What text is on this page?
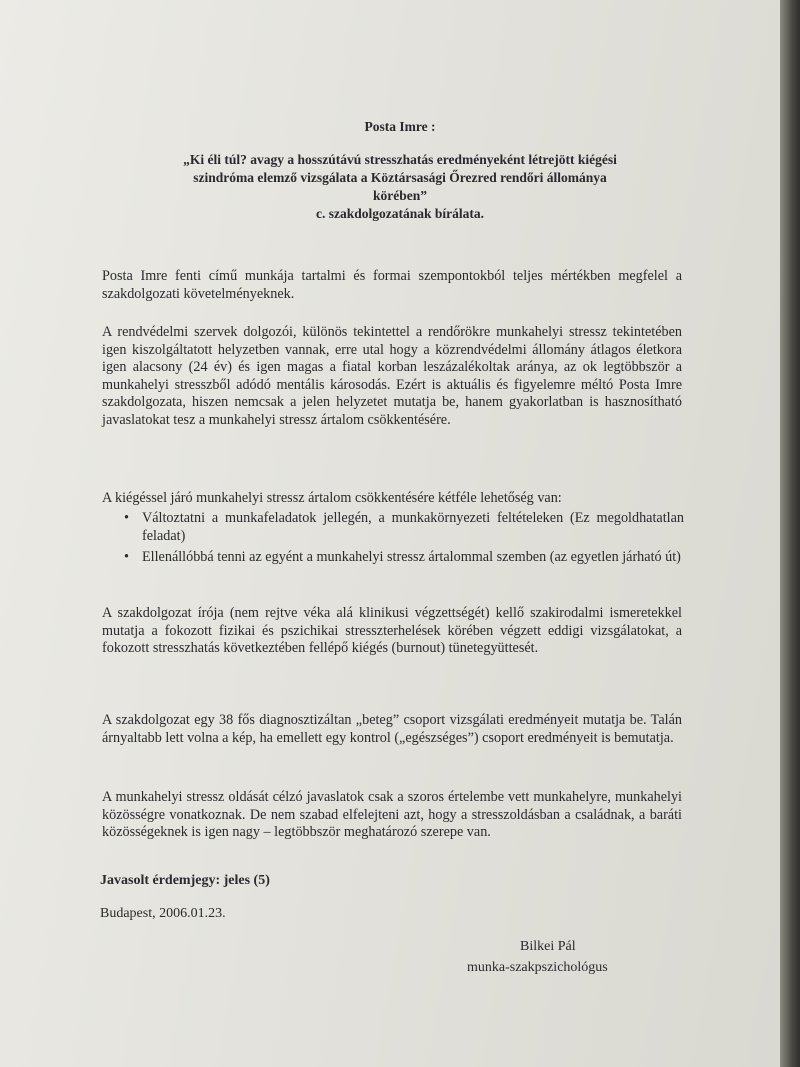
Posta Imre :
„Ki éli túl? avagy a hosszútávú stresszhatás eredményeként létrejött kiégési
szindróma elemző vizsgálata a Köztársasági Őrezred rendőri állománya
körében”
c. szakdolgozatának bírálata.

Posta Imre fenti című munkája tartalmi és formai szempontokból teljes mértékben megfelel a szakdolgozati követelményeknek.

A rendvédelmi szervek dolgozói, különös tekintettel a rendőrökre munkahelyi stressz tekintetében igen kiszolgáltatott helyzetben vannak, erre utal hogy a közrendvédelmi állomány átlagos életkora igen alacsony (24 év) és igen magas a fiatal korban leszázalékoltak aránya, az ok legtöbbször a munkahelyi stresszből adódó mentális károsodás. Ezért is aktuális és figyelemre méltó Posta Imre szakdolgozata, hiszen nemcsak a jelen helyzetet mutatja be, hanem gyakorlatban is hasznosítható javaslatokat tesz a munkahelyi stressz ártalom csökkentésére.

A kiégéssel járó munkahelyi stressz ártalom csökkentésére kétféle lehetőség van:

• Változtatni a munkafeladatok jellegén, a munkakörnyezeti feltételeken (Ez megoldhatatlan feladat)
• Ellenállóbbá tenni az egyént a munkahelyi stressz ártalommal szemben (az egyetlen járható út)

A szakdolgozat írója (nem rejtve véka alá klinikusi végzettségét) kellő szakirodalmi ismeretekkel mutatja a fokozott fizikai és pszichikai stresszterhelések körében végzett eddigi vizsgálatokat, a fokozott stresszhatás következtében fellépő kiégés (burnout) tünetegyüttesét.

A szakdolgozat egy 38 fős diagnosztizáltan „beteg” csoport vizsgálati eredményeit mutatja be. Talán árnyaltabb lett volna a kép, ha emellett egy kontrol („egészséges”) csoport eredményeit is bemutatja.

A munkahelyi stressz oldását célzó javaslatok csak a szoros értelembe vett munkahelyre, munkahelyi közösségre vonatkoznak. De nem szabad elfelejteni azt, hogy a stresszoldásban a családnak, a baráti közösségeknek is igen nagy – legtöbbször meghatározó szerepe van.

Javasolt érdemjegy: jeles (5)
Budapest, 2006.01.23.
Bilkei Pál
munka-szakpszichológus
